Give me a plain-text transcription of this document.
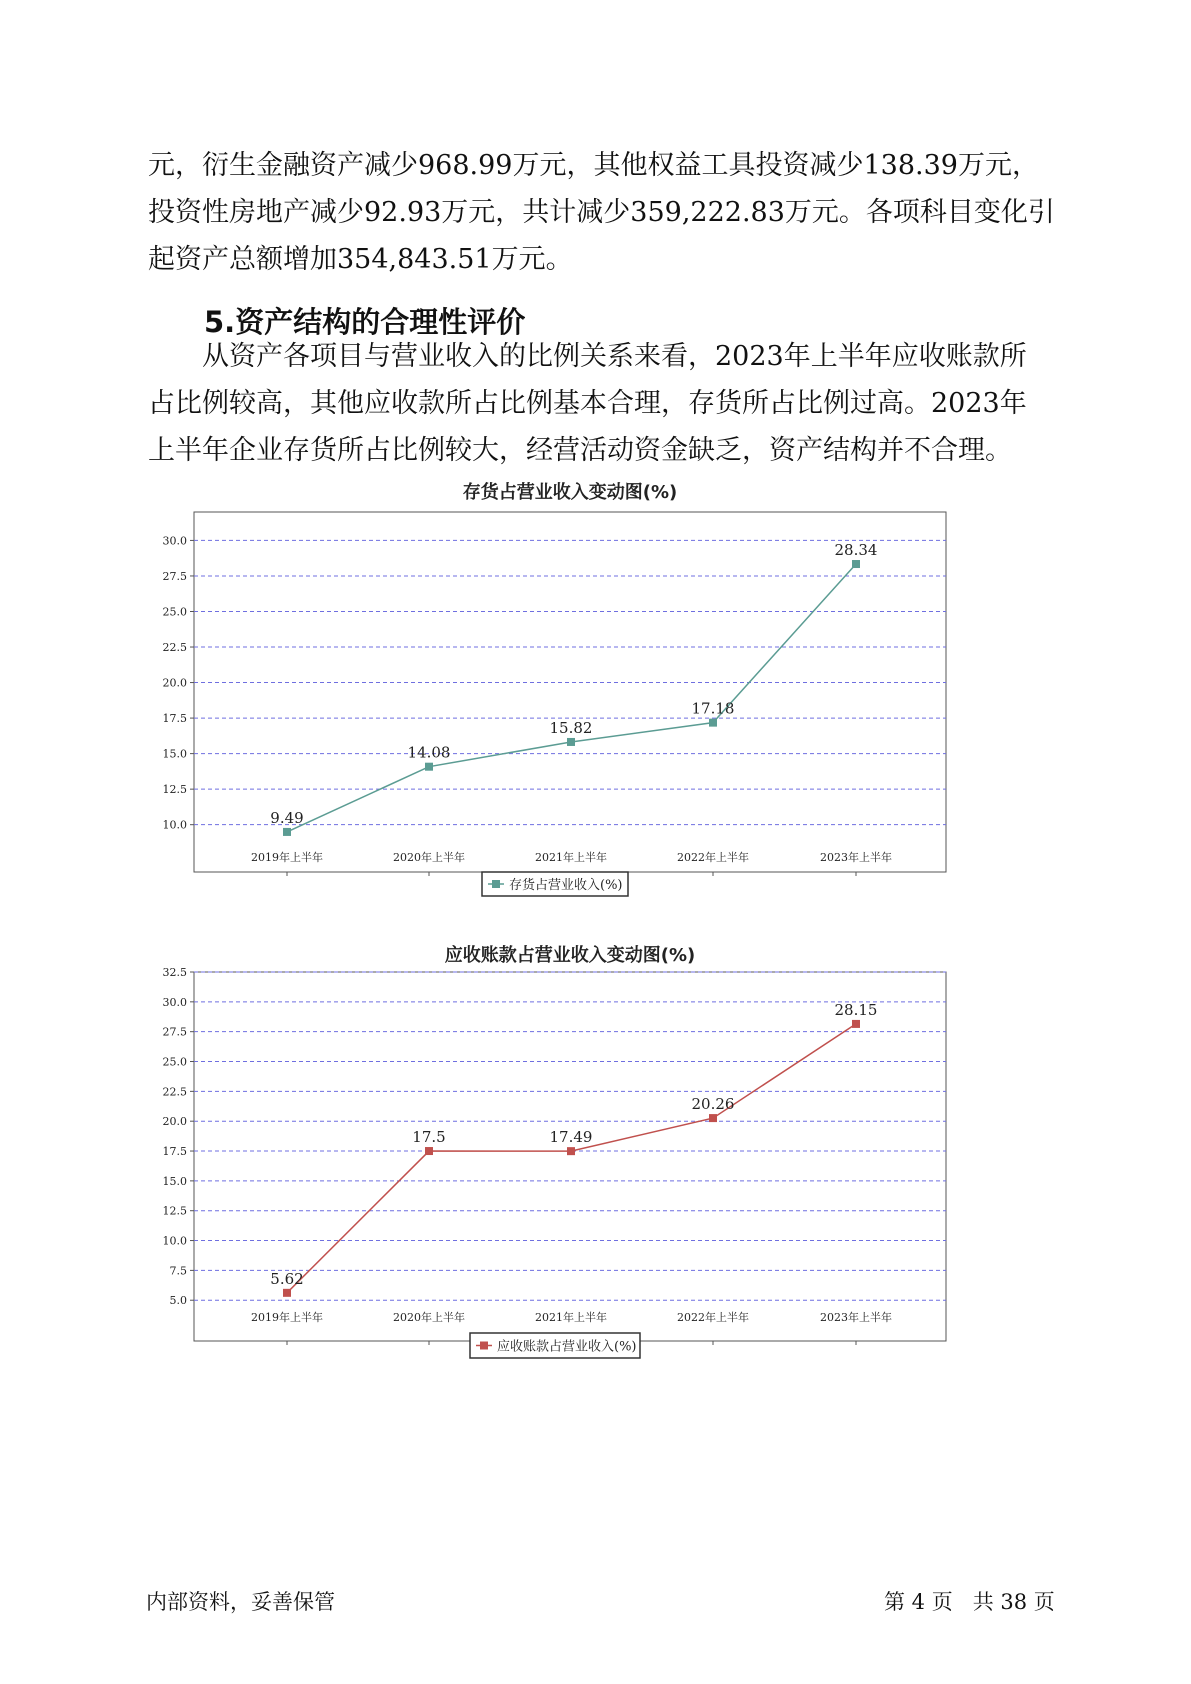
元，衍生金融资产减少968.99万元，其他权益工具投资减少138.39万元，
投资性房地产减少92.93万元，共计减少359,222.83万元。各项科目变化引
起资产总额增加354,843.51万元。
5.资产结构的合理性评价
从资产各项目与营业收入的比例关系来看，2023年上半年应收账款所
占比例较高，其他应收款所占比例基本合理，存货所占比例过高。2023年
上半年企业存货所占比例较大，经营活动资金缺乏，资产结构并不合理。
存货占营业收入变动图(%)
10.0
12.5
15.0
17.5
20.0
22.5
25.0
27.5
30.0
2019年上半年	2020年上半年	2021年上半年	2022年上半年	2023年上半年
9.49
14.08
15.82
17.18
28.34
存货占营业收入(%)
应收账款占营业收入变动图(%)
5.0
7.5
10.0
12.5
15.0
17.5
20.0
22.5
25.0
27.5
30.0
32.5
2019年上半年	2020年上半年	2021年上半年	2022年上半年	2023年上半年
5.62
17.5	17.49
20.26
28.15
应收账款占营业收入(%)
内部资料，妥善保管	第 4 页   共 38 页
